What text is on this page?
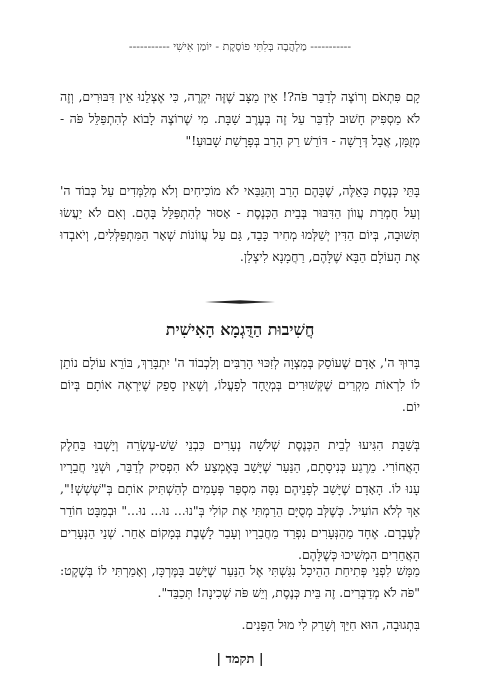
----------- מַלְהֲבָה בְּלִתִּי פוֹסֶקֶת - יוֹמַן אִישִׁי -----------

קָם פִּתְאֹם וְרוֹצֶה לְדַבֵּר פֹּה?! אֵין מַצָּב שֶׁזֶּה יִקְרֶה, כִּי אֶצְלֵנוּ אֵין דִּבּוּרִים, וְזֶה לֹא מַסְפִּיק חָשׁוּב לְדַבֵּר עַל זֶה בְּעֶרֶב שַׁבָּת. מִי שֶׁרוֹצֶה לָבוֹא לְהִתְפַּלֵּל פֹּה - מְזֻמָּן, אֲבָל דְּרָשָׁה - דּוֹרֵשׁ רַק הָרַב בְּפָרָשַׁת שָׁבוּעַ!"

בָּתֵּי כְּנֶסֶת כָּאֵלֶּה, שֶׁבָּהֶם הָרַב וְהַגַּבַּאי לֹא מוֹכִיחִים וְלֹא מְלַמְּדִים עַל כְּבוֹד ה' וְעַל חֻמְרַת עֲווֹן הַדִּבּוּר בְּבֵית הַכְּנֶסֶת - אָסוּר לְהִתְפַּלֵּל בָּהֶם. וְאִם לֹא יַעֲשׂוּ תְּשׁוּבָה, בְּיוֹם הַדִּין יְשַׁלְּמוּ מְחִיר כָּבֵד, גַּם עַל עֲווֹנוֹת שְׁאָר הַמִּתְפַּלְּלִים, וְיֹאבְדוּ אֶת הָעוֹלָם הַבָּא שֶׁלָּהֶם, רַחֲמָנָא לִיצְלַן.

חֲשִׁיבוּת הַדֻּגְמָא הָאִישִׁית

בָּרוּךְ ה', אָדָם שֶׁעוֹסֵק בְּמִצְוָה לְזִכּוּי הָרַבִּים וְלִכְבוֹד ה' יִתְבָּרַךְ, בּוֹרֵא עוֹלָם נוֹתֵן לוֹ לִרְאוֹת מִקְרִים שֶׁקְּשׁוּרִים בְּמְיֻחָד לְפָעֳלוֹ, וְשֶׁאֵין סָפֵק שֶׁיִּרְאֶה אוֹתָם בְּיוֹם יוֹם.

בְּשַׁבָּת הִגִּיעוּ לְבֵית הַכְּנֶסֶת שְׁלֹשָׁה נְעָרִים כִּבְנֵי שֵׁשׁ-עֶשְׂרֵה וְיָשְׁבוּ בַּחֵלֶק הָאֲחוֹרִי. מֵרֶגַע כְּנִיסָתָם, הַנַּעַר שֶׁיָּשַׁב בָּאֶמְצַע לֹא הִפְסִיק לְדַבֵּר, וּשְׁנֵי חֲבֵרָיו עָנוּ לוֹ. הָאָדָם שֶׁיָּשַׁב לְפָנֵיהֶם נִסָּה מִסְפַּר פְּעָמִים לְהַשְׁתִּיק אוֹתָם בְּ"שְׁשְׁשְׁ!", אַךְ לְלֹא הוֹעִיל. כְּשֶׁלְּב מְסֻיָּם הֵרַמְתִּי אֶת קוֹלִי בְּ"נוּ... נוּ... נוּ..." וּבְמַבָּט חוֹדֵר לְעֶבְרָם. אֶחָד מֵהַנְּעָרִים נִפְרַד מֵחֲבֵרָיו וְעָבַר לָשֶׁבֶת בְּמָקוֹם אַחֵר. שְׁנֵי הַנְּעָרִים הָאֲחֵרִים הִמְשִׁיכוּ כְּשֶׁלָּהֶם.

מַמָּשׁ לִפְנֵי פְּתִיחַת הַהֵיכָל נִגַּשְׁתִּי אֶל הַנַּעַר שֶׁיָּשַׁב בָּמֶּרְכָּז, וְאָמַרְתִּי לוֹ בְּשֶׁקֶט: "פֹּה לֹא מְדַבְּרִים. זֶה בֵּית כְּנֶסֶת, וְיֵשׁ פֹּה שְׁכִינָה! תְּכַבֵּד".

בִּתְגוּבָה, הוּא חִיֵּךְ וְשָׁרַק לִי מוּל הַפָּנִים.

| תקמד |
